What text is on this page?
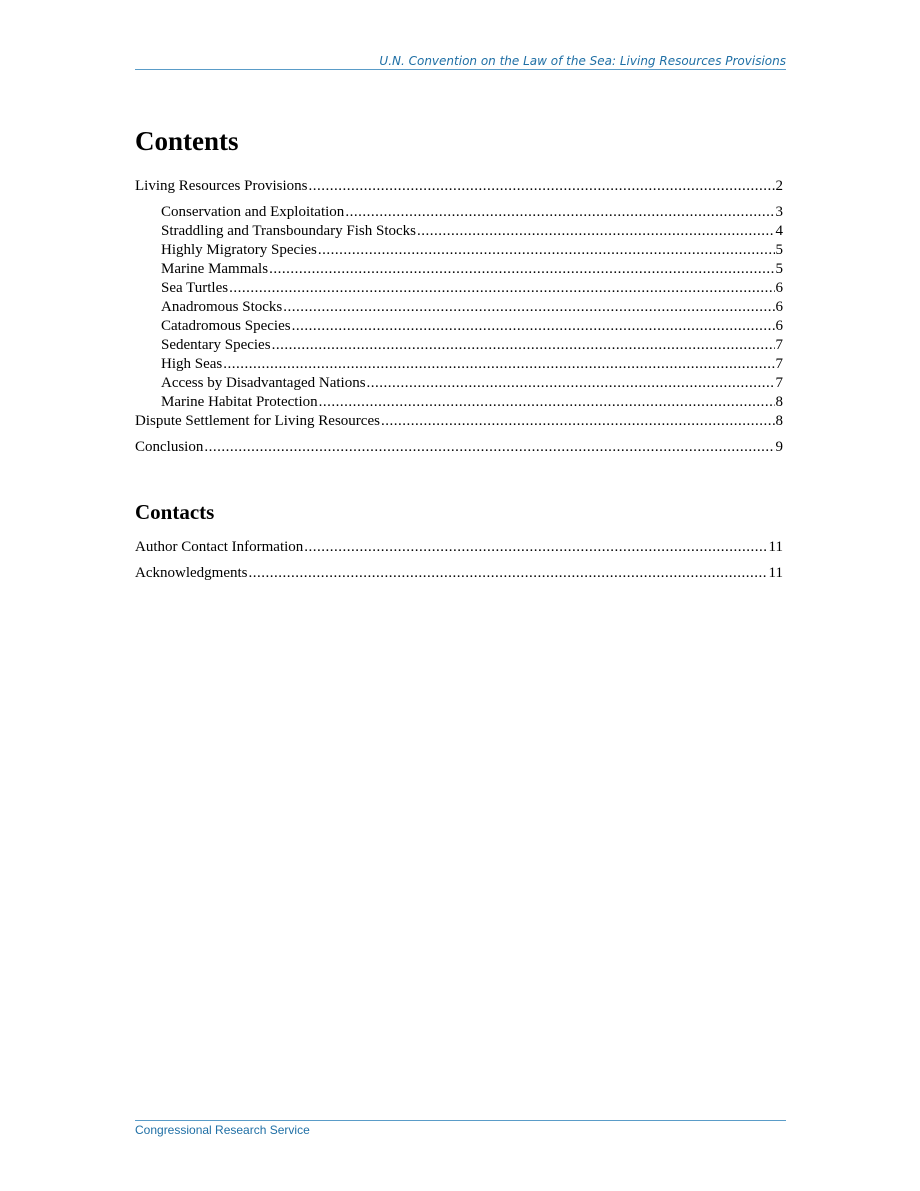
U.N. Convention on the Law of the Sea: Living Resources Provisions
Contents
Living Resources Provisions .....	2
Conservation and Exploitation .....	3
Straddling and Transboundary Fish Stocks .....	4
Highly Migratory Species .....	5
Marine Mammals .....	5
Sea Turtles .....	6
Anadromous Stocks .....	6
Catadromous Species .....	6
Sedentary Species .....	7
High Seas .....	7
Access by Disadvantaged Nations .....	7
Marine Habitat Protection .....	8
Dispute Settlement for Living Resources .....	8
Conclusion .....	9
Contacts
Author Contact Information .....	11
Acknowledgments .....	11
Congressional Research Service
